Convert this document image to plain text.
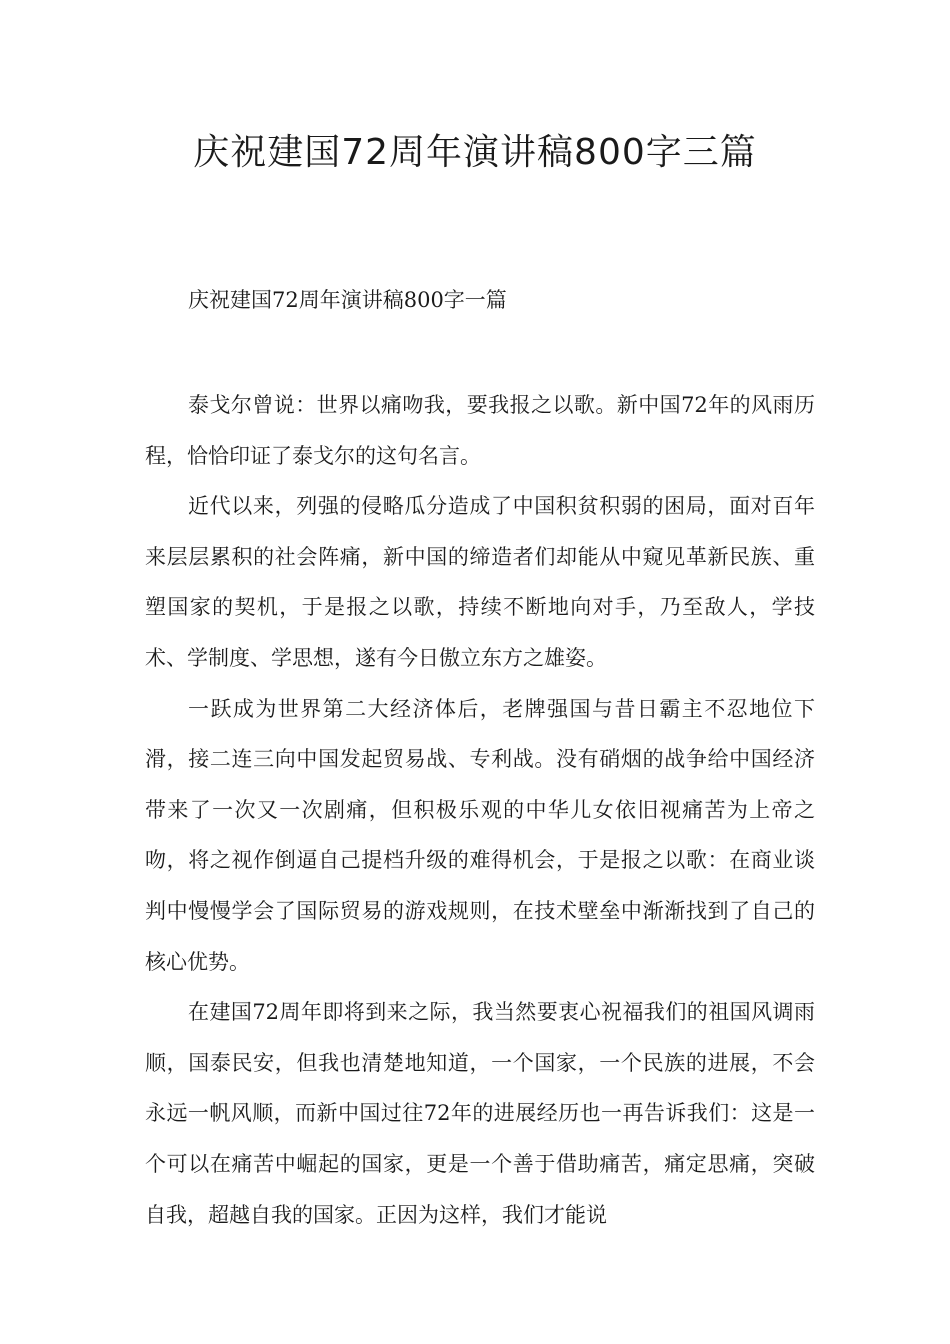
庆祝建国72周年演讲稿800字三篇
庆祝建国72周年演讲稿800字一篇

泰戈尔曾说：世界以痛吻我，要我报之以歌。新中国72年的风雨历程，恰恰印证了泰戈尔的这句名言。

近代以来，列强的侵略瓜分造成了中国积贫积弱的困局，面对百年来层层累积的社会阵痛，新中国的缔造者们却能从中窥见革新民族、重塑国家的契机，于是报之以歌，持续不断地向对手，乃至敌人，学技术、学制度、学思想，遂有今日傲立东方之雄姿。

一跃成为世界第二大经济体后，老牌强国与昔日霸主不忍地位下滑，接二连三向中国发起贸易战、专利战。没有硝烟的战争给中国经济带来了一次又一次剧痛，但积极乐观的中华儿女依旧视痛苦为上帝之吻，将之视作倒逼自己提档升级的难得机会，于是报之以歌：在商业谈判中慢慢学会了国际贸易的游戏规则，在技术壁垒中渐渐找到了自己的核心优势。

在建国72周年即将到来之际，我当然要衷心祝福我们的祖国风调雨顺，国泰民安，但我也清楚地知道，一个国家，一个民族的进展，不会永远一帆风顺，而新中国过往72年的进展经历也一再告诉我们：这是一个可以在痛苦中崛起的国家，更是一个善于借助痛苦，痛定思痛，突破自我，超越自我的国家。正因为这样，我们才能说
